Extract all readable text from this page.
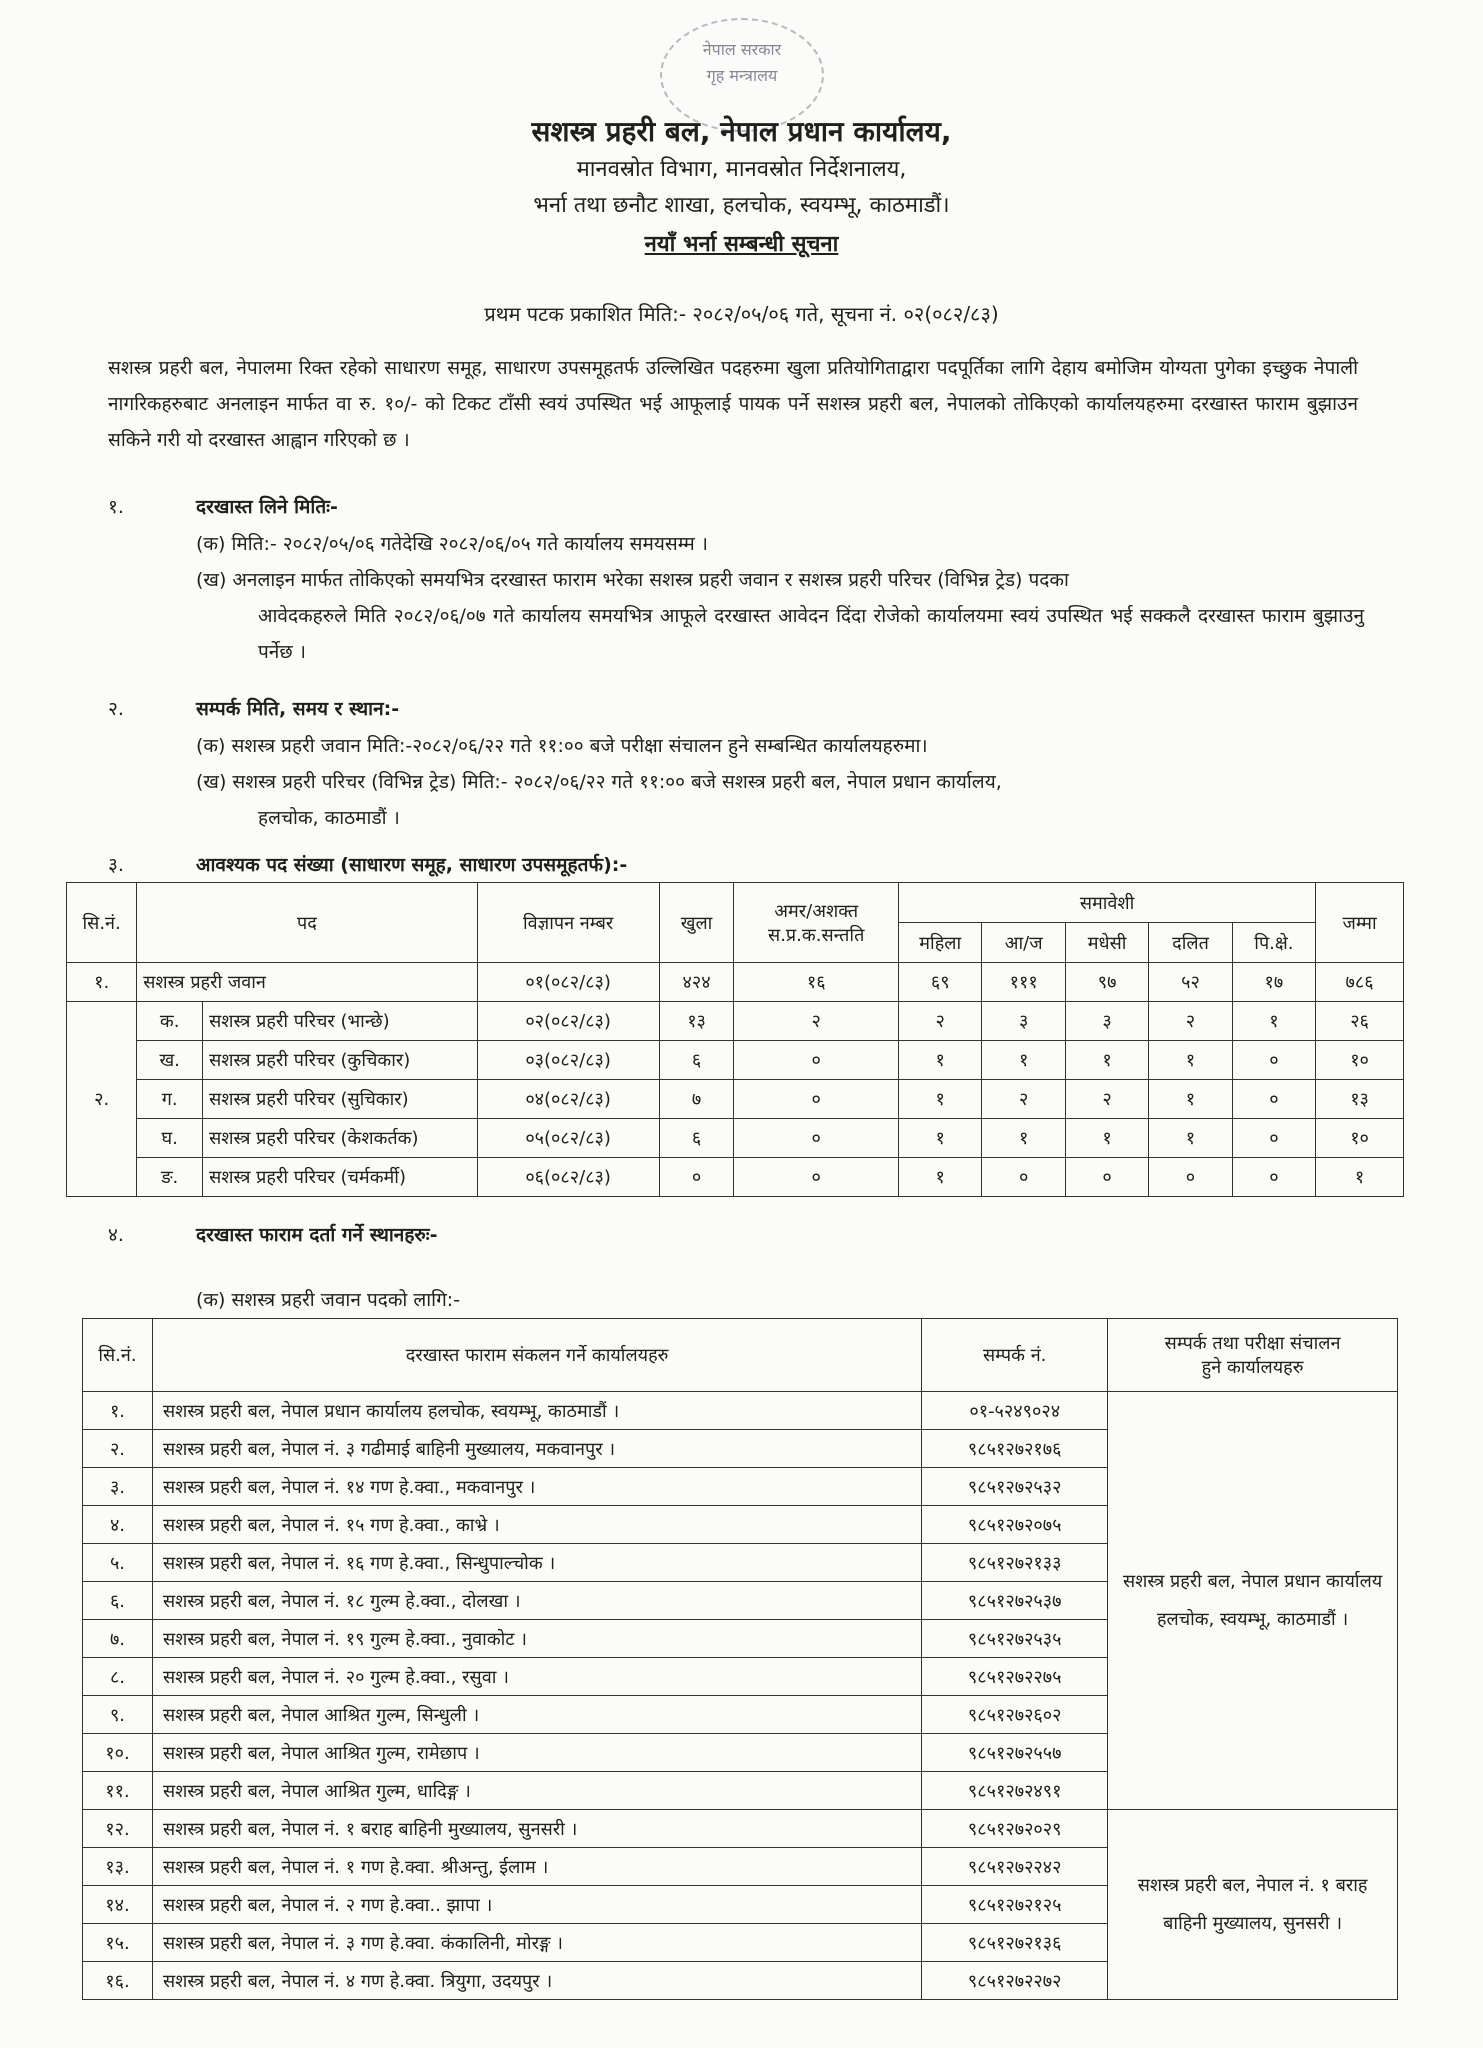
नेपाल सरकार
गृह मन्त्रालय

सशस्त्र प्रहरी बल, नेपाल प्रधान कार्यालय,

मानवस्रोत विभाग, मानवस्रोत निर्देशनालय,

भर्ना तथा छनौट शाखा, हलचोक, स्वयम्भू, काठमाडौं।

नयाँ भर्ना सम्बन्धी सूचना
प्रथम पटक प्रकाशित मिति:- २०८२/०५/०६ गते, सूचना नं. ०२(०८२/८३)
सशस्त्र प्रहरी बल, नेपालमा रिक्त रहेको साधारण समूह, साधारण उपसमूहतर्फ उल्लिखित पदहरुमा खुला प्रतियोगिताद्वारा पदपूर्तिका लागि देहाय बमोजिम योग्यता पुगेका इच्छुक नेपाली नागरिकहरुबाट अनलाइन मार्फत वा रु. १०/- को टिकट टाँसी स्वयं उपस्थित भई आफूलाई पायक पर्ने सशस्त्र प्रहरी बल, नेपालको तोकिएको कार्यालयहरुमा दरखास्त फाराम बुझाउन सकिने गरी यो दरखास्त आह्वान गरिएको छ ।
१.	दरखास्त लिने मितिः-
(क) मिति:- २०८२/०५/०६ गतेदेखि २०८२/०६/०५ गते कार्यालय समयसम्म ।
(ख) अनलाइन मार्फत तोकिएको समयभित्र दरखास्त फाराम भरेका सशस्त्र प्रहरी जवान र सशस्त्र प्रहरी परिचर (विभिन्न ट्रेड) पदका
आवेदकहरुले मिति २०८२/०६/०७ गते कार्यालय समयभित्र आफूले दरखास्त आवेदन दिंदा रोजेको कार्यालयमा स्वयं उपस्थित भई सक्कलै दरखास्त फाराम बुझाउनु पर्नेछ ।
२.	सम्पर्क मिति, समय र स्थान:-
(क) सशस्त्र प्रहरी जवान मिति:-२०८२/०६/२२ गते ११:०० बजे परीक्षा संचालन हुने सम्बन्धित कार्यालयहरुमा।
(ख) सशस्त्र प्रहरी परिचर (विभिन्न ट्रेड) मिति:- २०८२/०६/२२ गते ११:०० बजे सशस्त्र प्रहरी बल, नेपाल प्रधान कार्यालय,
हलचोक, काठमाडौं ।
३.	आवश्यक पद संख्या (साधारण समूह, साधारण उपसमूहतर्फ):-
सि.नं.	पद		विज्ञापन नम्बर	खुला	अमर/अशक्त स.प्र.क.सन्तति	समावेशी					जम्मा
						महिला	आ/ज	मधेसी	दलित	पि.क्षे.	
१.	सशस्त्र प्रहरी जवान		०१(०८२/८३)	४२४	१६	६९	१११	९७	५२	१७	७८६
२.	क.	सशस्त्र प्रहरी परिचर (भान्छे)	०२(०८२/८३)	१३	२	२	३	३	२	१	२६
	ख.	सशस्त्र प्रहरी परिचर (कुचिकार)	०३(०८२/८३)	६	०	१	१	१	१	०	१०
	ग.	सशस्त्र प्रहरी परिचर (सुचिकार)	०४(०८२/८३)	७	०	१	२	२	१	०	१३
	घ.	सशस्त्र प्रहरी परिचर (केशकर्तक)	०५(०८२/८३)	६	०	१	१	१	१	०	१०
	ङ.	सशस्त्र प्रहरी परिचर (चर्मकर्मी)	०६(०८२/८३)	०	०	१	०	०	०	०	१
४.	दरखास्त फाराम दर्ता गर्ने स्थानहरुः-
(क) सशस्त्र प्रहरी जवान पदको लागि:-
सि.नं.	दरखास्त फाराम संकलन गर्ने कार्यालयहरु	सम्पर्क नं.	सम्पर्क तथा परीक्षा संचालन
हुने कार्यालयहरु

१.	सशस्त्र प्रहरी बल, नेपाल प्रधान कार्यालय हलचोक, स्वयम्भू, काठमाडौं ।	०१-५२४९०२४	सशस्त्र प्रहरी बल, नेपाल प्रधान कार्यालय हलचोक, स्वयम्भू, काठमाडौं ।
२.	सशस्त्र प्रहरी बल, नेपाल नं. ३ गढीमाई बाहिनी मुख्यालय, मकवानपुर ।	९८५१२७२१७६	
३.	सशस्त्र प्रहरी बल, नेपाल नं. १४ गण हे.क्वा., मकवानपुर ।	९८५१२७२५३२	
४.	सशस्त्र प्रहरी बल, नेपाल नं. १५ गण हे.क्वा., काभ्रे ।	९८५१२७२०७५	
५.	सशस्त्र प्रहरी बल, नेपाल नं. १६ गण हे.क्वा., सिन्धुपाल्चोक ।	९८५१२७२१३३	
६.	सशस्त्र प्रहरी बल, नेपाल नं. १८ गुल्म हे.क्वा., दोलखा ।	९८५१२७२५३७	
७.	सशस्त्र प्रहरी बल, नेपाल नं. १९ गुल्म हे.क्वा., नुवाकोट ।	९८५१२७२५३५	
८.	सशस्त्र प्रहरी बल, नेपाल नं. २० गुल्म हे.क्वा., रसुवा ।	९८५१२७२२७५	
९.	सशस्त्र प्रहरी बल, नेपाल आश्रित गुल्म, सिन्धुली ।	९८५१२७२६०२	
१०.	सशस्त्र प्रहरी बल, नेपाल आश्रित गुल्म, रामेछाप ।	९८५१२७२५५७	
११.	सशस्त्र प्रहरी बल, नेपाल आश्रित गुल्म, धादिङ्ग ।	९८५१२७२४९१	
१२.	सशस्त्र प्रहरी बल, नेपाल नं. १ बराह बाहिनी मुख्यालय, सुनसरी ।	९८५१२७२०२९	सशस्त्र प्रहरी बल, नेपाल नं. १ बराह बाहिनी मुख्यालय, सुनसरी ।
१३.	सशस्त्र प्रहरी बल, नेपाल नं. १ गण हे.क्वा. श्रीअन्तु, ईलाम ।	९८५१२७२२४२	
१४.	सशस्त्र प्रहरी बल, नेपाल नं. २ गण हे.क्वा.. झापा ।	९८५१२७२१२५	
१५.	सशस्त्र प्रहरी बल, नेपाल नं. ३ गण हे.क्वा. कंकालिनी, मोरङ्ग ।	९८५१२७२१३६	
१६.	सशस्त्र प्रहरी बल, नेपाल नं. ४ गण हे.क्वा. त्रियुगा, उदयपुर ।	९८५१२७२२७२	
